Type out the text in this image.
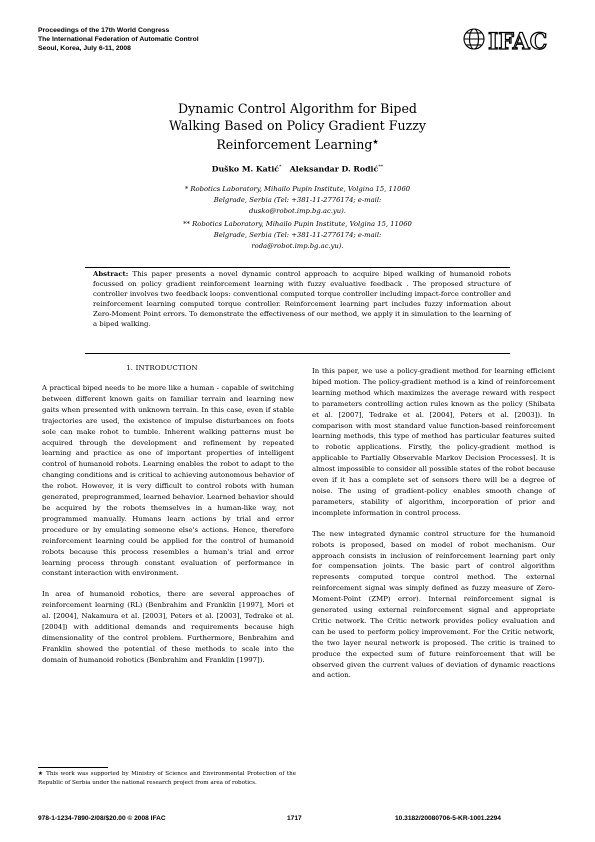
Proceedings of the 17th World Congress
The International Federation of Automatic Control
Seoul, Korea, July 6-11, 2008	IFAC
Dynamic Control Algorithm for Biped
Walking Based on Policy Gradient Fuzzy
Reinforcement Learning★
Duško M. Katić* Aleksandar D. Rodić**
* Robotics Laboratory, Mihailo Pupin Institute, Volgina 15, 11060
Belgrade, Serbia (Tel: +381-11-2776174; e-mail:
dusko@robot.imp.bg.ac.yu).
** Robotics Laboratory, Mihailo Pupin Institute, Volgina 15, 11060
Belgrade, Serbia (Tel: +381-11-2776174; e-mail:
roda@robot.imp.bg.ac.yu).
Abstract: This paper presents a novel dynamic control approach to acquire biped walking of humanoid robots focussed on policy gradient reinforcement learning with fuzzy evaluative feedback . The proposed structure of controller involves two feedback loops: conventional computed torque controller including impact-force controller and reinforcement learning computed torque controller. Reinforcement learning part includes fuzzy information about Zero-Moment Point errors. To demonstrate the effectiveness of our method, we apply it in simulation to the learning of a biped walking.
1. INTRODUCTION

A practical biped needs to be more like a human - capable of switching between different known gaits on familiar terrain and learning new gaits when presented with unknown terrain. In this case, even if stable trajectories are used, the existence of impulse disturbances on foots sole can make robot to tumble. Inherent walking patterns must be acquired through the development and refinement by repeated learning and practice as one of important properties of intelligent control of humanoid robots. Learning enables the robot to adapt to the changing conditions and is critical to achieving autonomous behavior of the robot. However, it is very difficult to control robots with human generated, preprogrammed, learned behavior. Learned behavior should be acquired by the robots themselves in a human-like way, not programmed manually. Humans learn actions by trial and error procedure or by emulating someone else's actions. Hence, therefore reinforcement learning could be applied for the control of humanoid robots because this process resembles a human's trial and error learning process through constant evaluation of performance in constant interaction with environment.

In area of humanoid robotics, there are several approaches of reinforcement learning (RL) (Benbrahim and Franklin [1997], Mori et al. [2004], Nakamura et al. [2003], Peters et al. [2003], Tedrake et al. [2004]) with additional demands and requirements because high dimensionality of the control problem. Furthermore, Benbrahim and Franklin showed the potential of these methods to scale into the domain of humanoid robotics (Benbrahim and Franklin [1997]).

In this paper, we use a policy-gradient method for learning efficient biped motion. The policy-gradient method is a kind of reinforcement learning method which maximizes the average reward with respect to parameters controlling action rules known as the policy (Shibata et al. [2007], Tedrake et al. [2004], Peters et al. [2003]). In comparison with most standard value function-based reinforcement learning methods, this type of method has particular features suited to robotic applications. Firstly, the policy-gradient method is applicable to Partially Observable Markov Decision Processes]. It is almost impossible to consider all possible states of the robot because even if it has a complete set of sensors there will be a degree of noise. The using of gradient-policy enables smooth change of parameters, stability of algorithm, incorporation of prior and incomplete information in control process.

The new integrated dynamic control structure for the humanoid robots is proposed, based on model of robot mechanism. Our approach consists in inclusion of reinforcement learning part only for compensation joints. The basic part of control algorithm represents computed torque control method. The external reinforcement signal was simply defined as fuzzy measure of Zero-Moment-Point (ZMP) error). Internal reinforcement signal is generated using external reinforcement signal and appropriate Critic network. The Critic network provides policy evaluation and can be used to perform policy improvement. For the Critic network, the two layer neural network is proposed. The critic is trained to produce the expected sum of future reinforcement that will be observed given the current values of deviation of dynamic reactions and action.

★ This work was supported by Ministry of Science and Environmental Protection of the Republic of Serbia under the national research project from area of robotics.
978-1-1234-7890-2/08/$20.00 © 2008 IFAC	1717	10.3182/20080706-5-KR-1001.2294
